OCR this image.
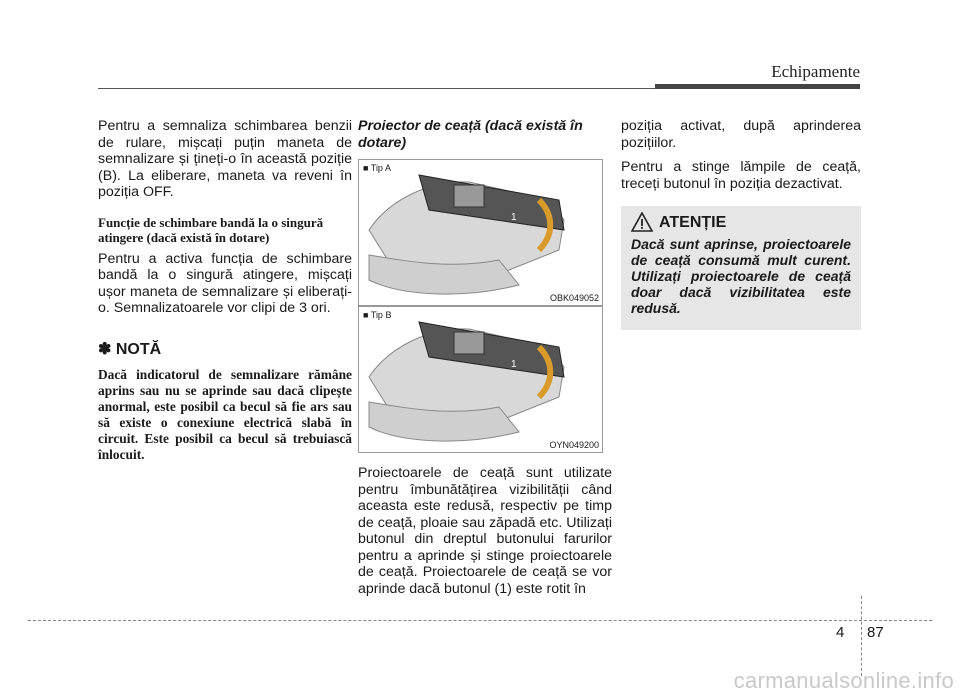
Echipamente

Pentru a semnaliza schimbarea benzii de rulare, mișcați puțin maneta de semnalizare și țineți-o în această poziție (B). La eliberare, maneta va reveni în poziția OFF.

Funcție de schimbare bandă la o singură atingere (dacă există în dotare)

Pentru a activa funcția de schimbare bandă la o singură atingere, mișcați ușor maneta de semnalizare și eliberați-o. Semnalizatoarele vor clipi de 3 ori.

✽ NOTĂ

Dacă indicatorul de semnalizare rămâne aprins sau nu se aprinde sau dacă clipește anormal, este posibil ca becul să fie ars sau să existe o conexiune electrică slabă în circuit. Este posibil ca becul să trebuiască înlocuit.

Proiector de ceață (dacă există în dotare)

1
■ Tip A
OBK049052
1
■ Tip B
OYN049200

Proiectoarele de ceață sunt utilizate pentru îmbunătățirea vizibilității când aceasta este redusă, respectiv pe timp de ceață, ploaie sau zăpadă etc. Utilizați butonul din dreptul butonului farurilor pentru a aprinde și stinge proiectoarele de ceață. Proiectoarele de ceață se vor aprinde dacă butonul (1) este rotit în

poziția activat, după aprinderea pozițiilor.

Pentru a stinge lămpile de ceață, treceți butonul în poziția dezactivat.

ATENȚIE

Dacă sunt aprinse, proiectoarele de ceață consumă mult curent. Utilizați proiectoarele de ceață doar dacă vizibilitatea este redusă.

4 87
carmanualsonline.info
